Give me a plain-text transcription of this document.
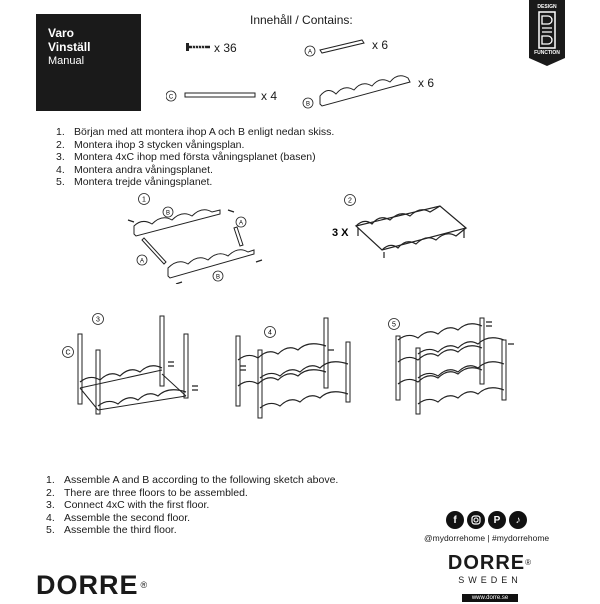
Varo
Vinställ
Manual
DESIGN
FUNCTION
Innehåll / Contains:
x 36	A
x 6
B
x 6
C	x 4
1. Början med att montera ihop A och B enligt nedan skiss.
2. Montera ihop 3 stycken våningsplan.
3. Montera 4xC ihop med första våningsplanet (basen)
4. Montera andra våningsplanet.
5. Montera trejde våningsplanet.
1
B
A
A
B
2
3 X
3
C
4
5
1. Assemble A and B according to the following sketch above.
2. There are three floors to be assembled.
3. Connect 4xC with the first floor.
4. Assemble the second floor.
5. Assemble the third floor.
f	P	♪
@mydorrehome | #mydorrehome
DORRE ®
DORRE®
SWEDEN
www.dorre.se
